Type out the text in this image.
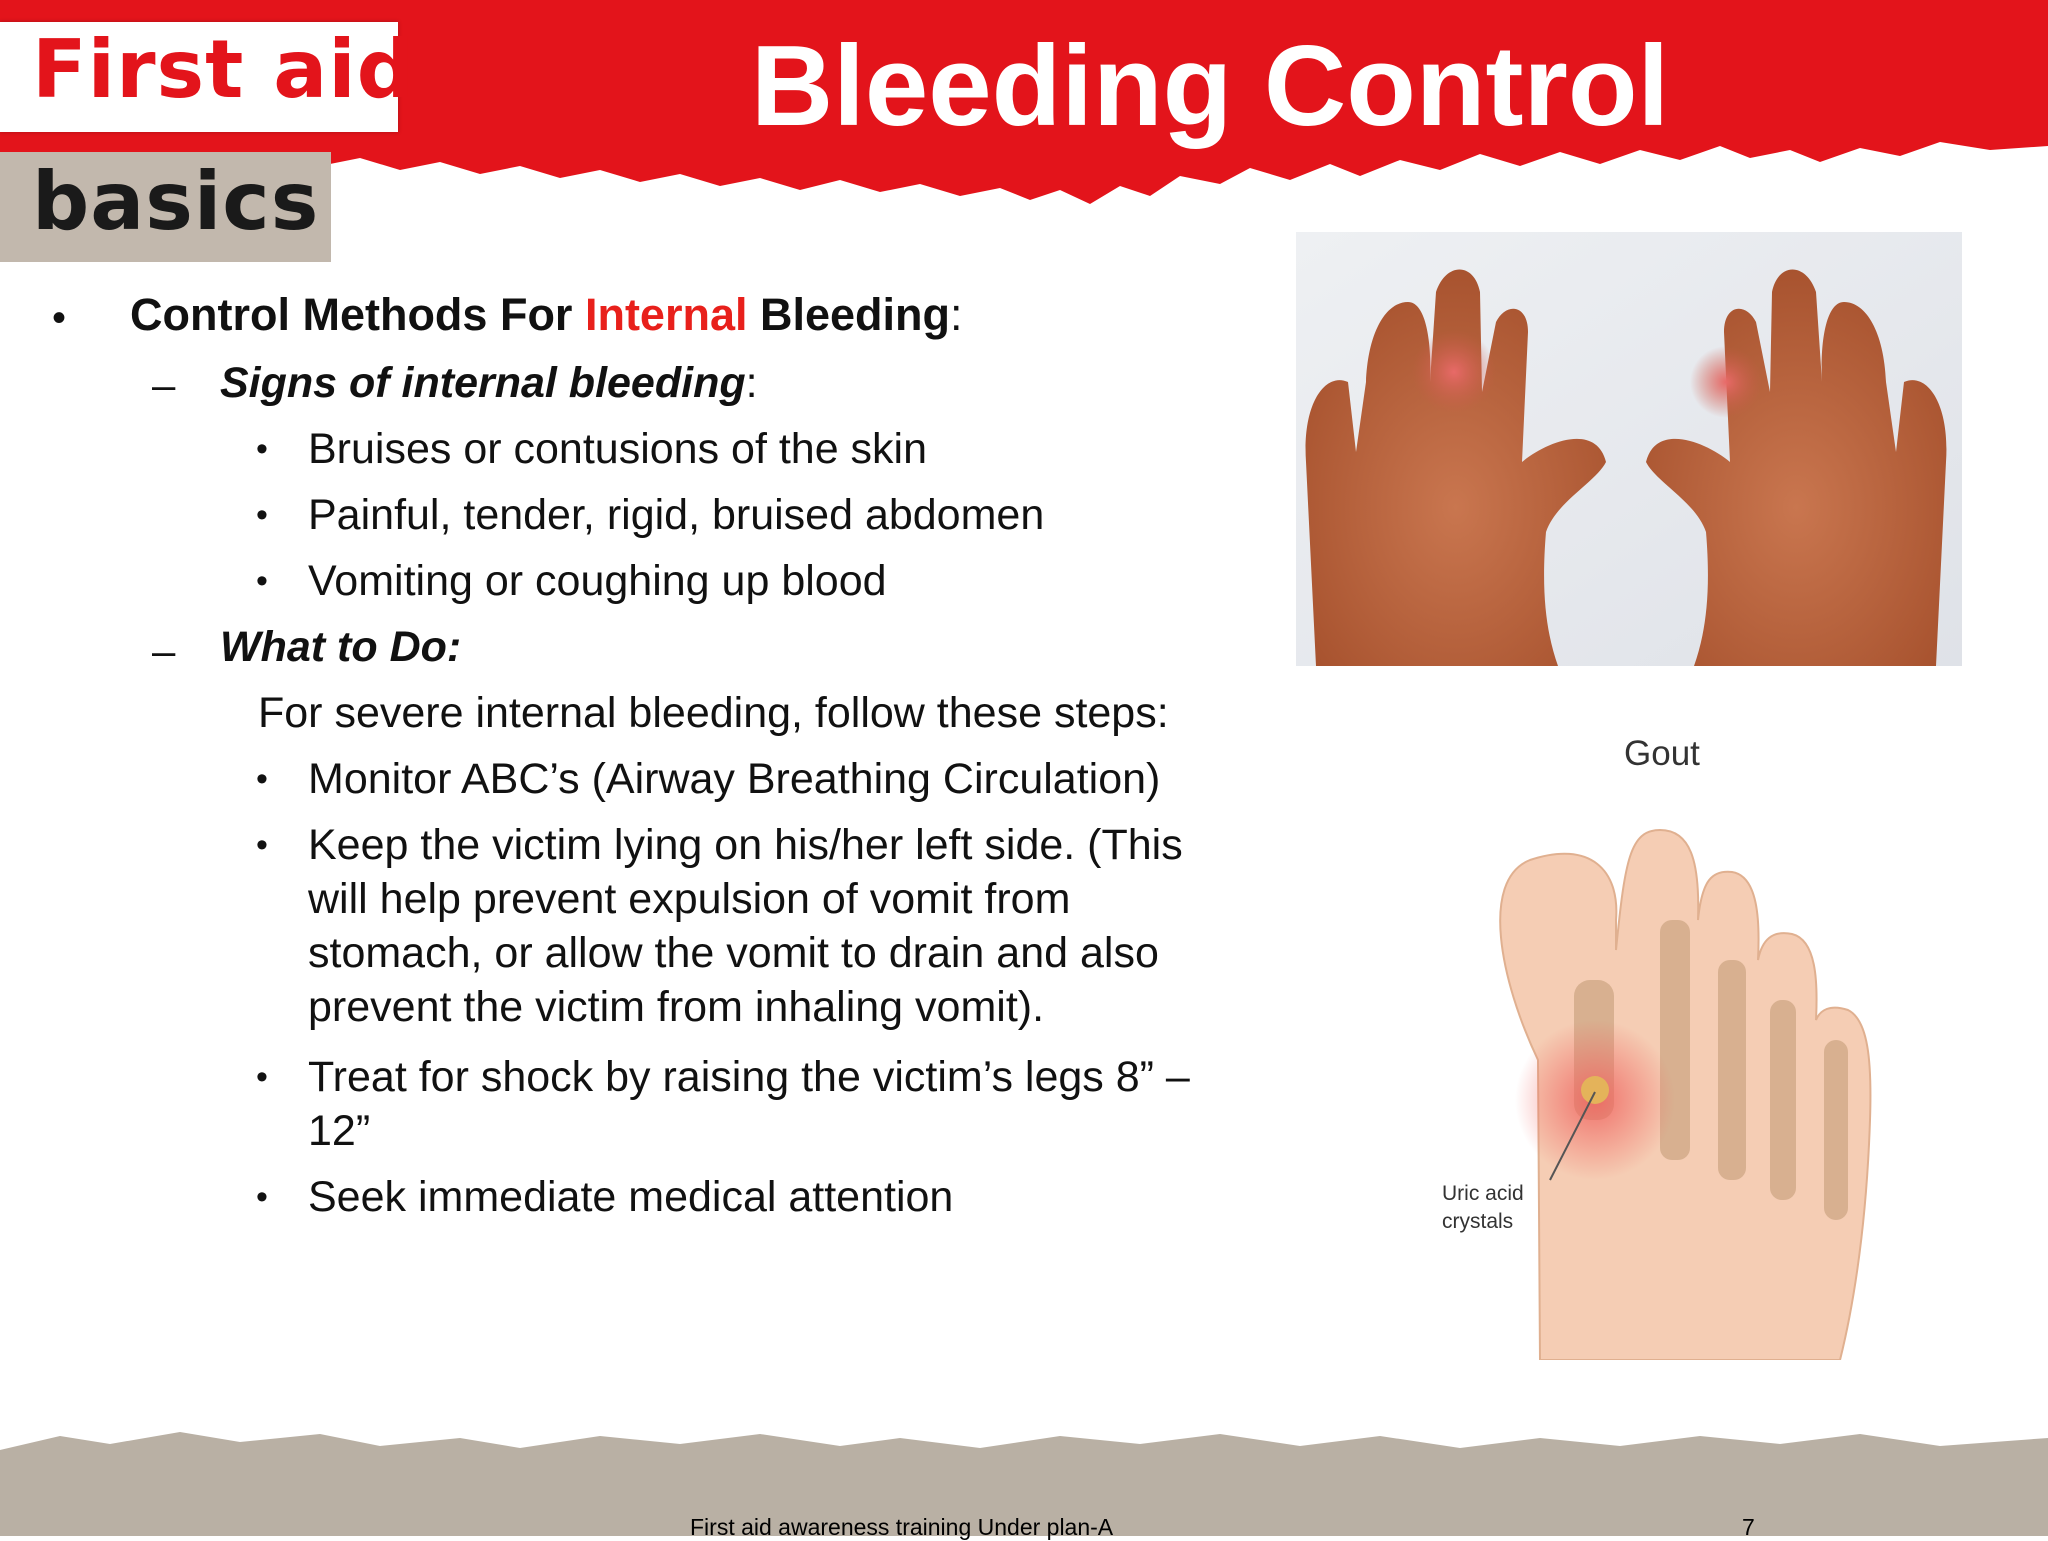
First aid
basics
Bleeding Control
• Control Methods For Internal Bleeding:
– Signs of internal bleeding:
• Bruises or contusions of the skin
• Painful, tender, rigid, bruised abdomen
• Vomiting or coughing up blood
– What to Do:
For severe internal bleeding, follow these steps:
• Monitor ABC’s (Airway Breathing Circulation)
• Keep the victim lying on his/her left side. (This
will help prevent expulsion of vomit from
stomach, or allow the vomit to drain and also
prevent the victim from inhaling vomit).
• Treat for shock by raising the victim’s legs 8” –
12”
• Seek immediate medical attention
Gout
Uric acid
crystals
First aid awareness training Under plan-A	7
